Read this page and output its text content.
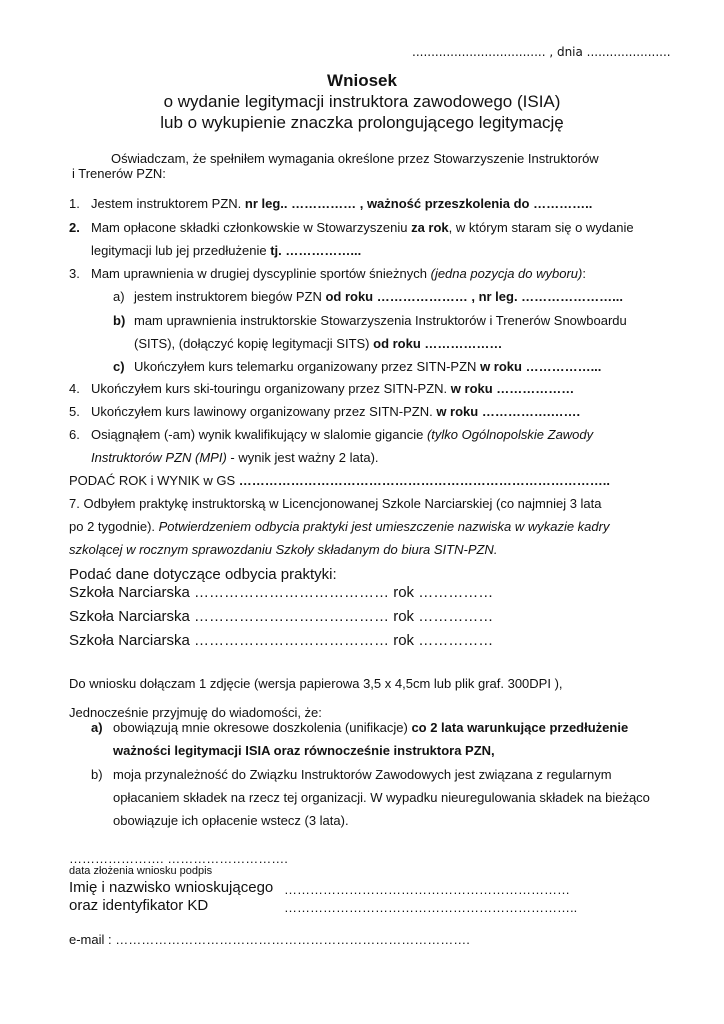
................................... , dnia ......................
Wniosek
o wydanie legitymacji instruktora zawodowego (ISIA)
lub o wykupienie znaczka prolongującego legitymację
Oświadczam, że spełniłem wymagania określone przez Stowarzyszenie Instruktorów
i Trenerów PZN:
1. Jestem instruktorem PZN. nr leg.. …………… , ważność przeszkolenia do …………..
2. Mam opłacone składki członkowskie w Stowarzyszeniu za rok, w którym staram się o wydanie
legitymacji lub jej przedłużenie tj. ……………...
3. Mam uprawnienia w drugiej dyscyplinie sportów śnieżnych (jedna pozycja do wyboru):
a) jestem instruktorem biegów PZN od roku ………………… , nr leg. …………………...
b) mam uprawnienia instruktorskie Stowarzyszenia Instruktorów i Trenerów Snowboardu
(SITS), (dołączyć kopię legitymacji SITS) od roku ………………
c) Ukończyłem kurs telemarku organizowany przez SITN-PZN w roku ……………...
4. Ukończyłem kurs ski-touringu organizowany przez SITN-PZN. w roku ………………
5. Ukończyłem kurs lawinowy organizowany przez SITN-PZN. w roku …………….…….
6. Osiągnąłem (-am) wynik kwalifikujący w slalomie gigancie (tylko Ogólnopolskie Zawody
Instruktorów PZN (MPI) - wynik jest ważny 2 lata).
PODAĆ ROK i WYNIK w GS …………………………………………………………………………..
7. Odbyłem praktykę instruktorską w Licencjonowanej Szkole Narciarskiej (co najmniej 3 lata
po 2 tygodnie). Potwierdzeniem odbycia praktyki jest umieszczenie nazwiska w wykazie kadry
szkolącej w rocznym sprawozdaniu Szkoły składanym do biura SITN-PZN.
Podać dane dotyczące odbycia praktyki:
Szkoła Narciarska ………………………………… rok ……………
Szkoła Narciarska ………………………………… rok ……………
Szkoła Narciarska ………………………………… rok ……………
Do wniosku dołączam 1 zdjęcie (wersja papierowa 3,5 x 4,5cm lub plik graf. 300DPI ),
Jednocześnie przyjmuję do wiadomości, że:
a) obowiązują mnie okresowe doszkolenia (unifikacje) co 2 lata warunkujące przedłużenie
ważności legitymacji ISIA oraz równocześnie instruktora PZN,
b) moja przynależność do Związku Instruktorów Zawodowych jest związana z regularnym
opłacaniem składek na rzecz tej organizacji. W wypadku nieuregulowania składek na bieżąco
obowiązuje ich opłacenie wstecz (3 lata).
…………………. ……………………….
data złożenia wniosku podpis
Imię i nazwisko wnioskującego …………………………………………………………
oraz identyfikator KD	…………………………………………………………..
e-mail : ……………………………………………………………………….
